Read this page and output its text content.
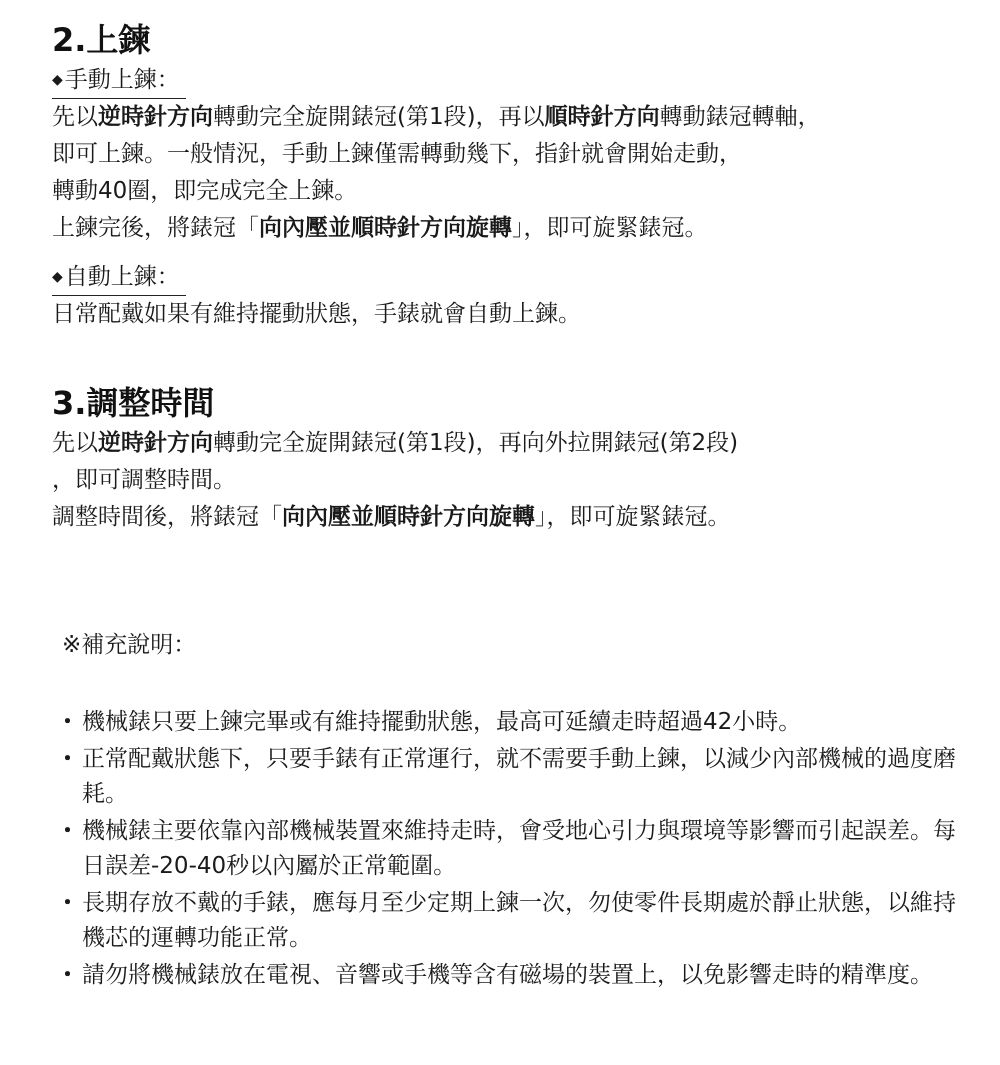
2.上鍊
◆手動上鍊：

先以逆時針方向轉動完全旋開錶冠(第1段)，再以順時針方向轉動錶冠轉軸，

即可上鍊。一般情況，手動上鍊僅需轉動幾下，指針就會開始走動，

轉動40圈，即完成完全上鍊。

上鍊完後，將錶冠「向內壓並順時針方向旋轉」，即可旋緊錶冠。

◆自動上鍊：

日常配戴如果有維持擺動狀態，手錶就會自動上鍊。

3.調整時間

先以逆時針方向轉動完全旋開錶冠(第1段)，再向外拉開錶冠(第2段)

，即可調整時間。

調整時間後，將錶冠「向內壓並順時針方向旋轉」，即可旋緊錶冠。

※補充說明：

・ 機械錶只要上鍊完畢或有維持擺動狀態，最高可延續走時超過42小時。
・ 正常配戴狀態下，只要手錶有正常運行，就不需要手動上鍊，以減少內部機械的過度磨耗。
・ 機械錶主要依靠內部機械裝置來維持走時，會受地心引力與環境等影響而引起誤差。每日誤差-20-40秒以內屬於正常範圍。
・ 長期存放不戴的手錶，應每月至少定期上鍊一次，勿使零件長期處於靜止狀態，以維持機芯的運轉功能正常。
・ 請勿將機械錶放在電視、音響或手機等含有磁場的裝置上，以免影響走時的精準度。
